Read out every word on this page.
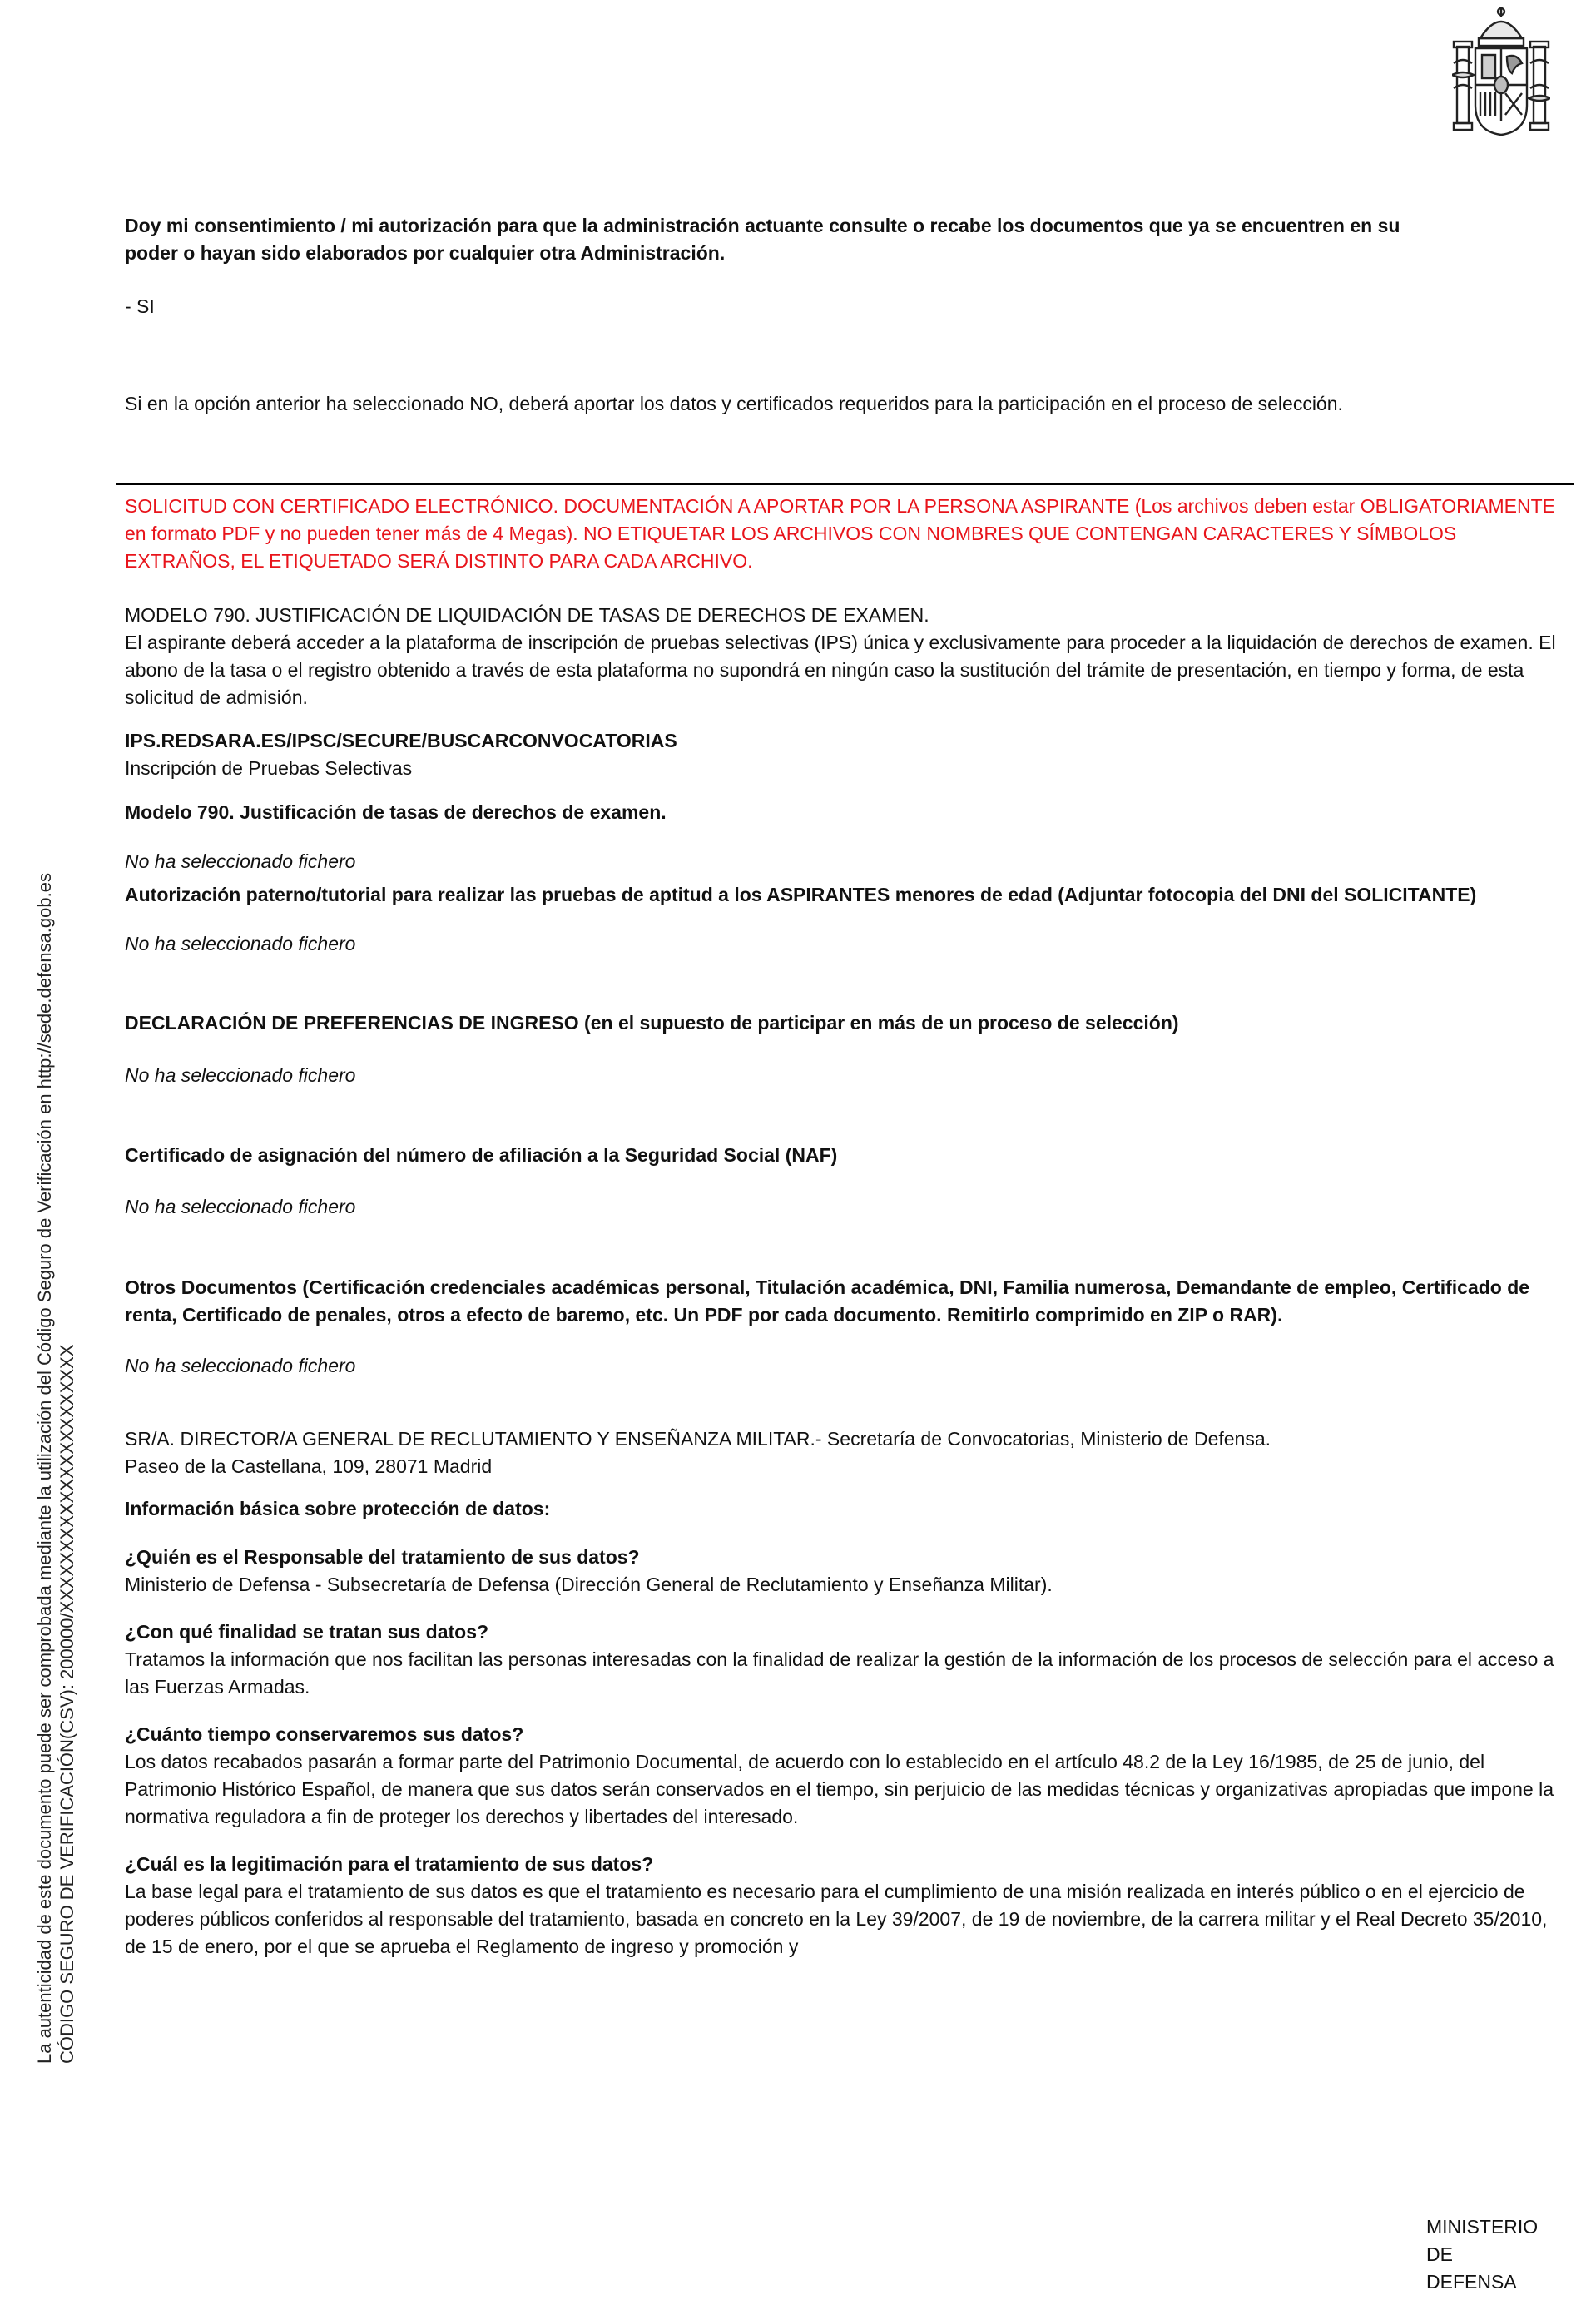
La autenticidad de este documento puede ser comprobada mediante la utilización del Código Seguro de Verificación en http://sede.defensa.gob.es CÓDIGO SEGURO DE VERIFICACIÓN(CSV): 200000/XXXXXXXXXXXXXXXXXXXXXX

Doy mi consentimiento / mi autorización para que la administración actuante consulte o recabe los documentos que ya se encuentren en su poder o hayan sido elaborados por cualquier otra Administración.

- SI

Si en la opción anterior ha seleccionado NO, deberá aportar los datos y certificados requeridos para la participación en el proceso de selección.

SOLICITUD CON CERTIFICADO ELECTRÓNICO. DOCUMENTACIÓN A APORTAR POR LA PERSONA ASPIRANTE (Los archivos deben estar OBLIGATORIAMENTE en formato PDF y no pueden tener más de 4 Megas). NO ETIQUETAR LOS ARCHIVOS CON NOMBRES QUE CONTENGAN CARACTERES Y SÍMBOLOS EXTRAÑOS, EL ETIQUETADO SERÁ DISTINTO PARA CADA ARCHIVO.

MODELO 790. JUSTIFICACIÓN DE LIQUIDACIÓN DE TASAS DE DERECHOS DE EXAMEN.

El aspirante deberá acceder a la plataforma de inscripción de pruebas selectivas (IPS) única y exclusivamente para proceder a la liquidación de derechos de examen. El abono de la tasa o el registro obtenido a través de esta plataforma no supondrá en ningún caso la sustitución del trámite de presentación, en tiempo y forma, de esta solicitud de admisión.

IPS.REDSARA.ES/IPSC/SECURE/BUSCARCONVOCATORIAS

Inscripción de Pruebas Selectivas

Modelo 790. Justificación de tasas de derechos de examen.

No ha seleccionado fichero

Autorización paterno/tutorial para realizar las pruebas de aptitud a los ASPIRANTES menores de edad (Adjuntar fotocopia del DNI del SOLICITANTE)

No ha seleccionado fichero

DECLARACIÓN DE PREFERENCIAS DE INGRESO (en el supuesto de participar en más de un proceso de selección)

No ha seleccionado fichero

Certificado de asignación del número de afiliación a la Seguridad Social (NAF)

No ha seleccionado fichero

Otros Documentos (Certificación credenciales académicas personal, Titulación académica, DNI, Familia numerosa, Demandante de empleo, Certificado de renta, Certificado de penales, otros a efecto de baremo, etc. Un PDF por cada documento. Remitirlo comprimido en ZIP o RAR).

No ha seleccionado fichero

SR/A. DIRECTOR/A GENERAL DE RECLUTAMIENTO Y ENSEÑANZA MILITAR.- Secretaría de Convocatorias, Ministerio de Defensa.

Paseo de la Castellana, 109, 28071 Madrid

Información básica sobre protección de datos:

¿Quién es el Responsable del tratamiento de sus datos?

Ministerio de Defensa - Subsecretaría de Defensa (Dirección General de Reclutamiento y Enseñanza Militar).

¿Con qué finalidad se tratan sus datos?

Tratamos la información que nos facilitan las personas interesadas con la finalidad de realizar la gestión de la información de los procesos de selección para el acceso a las Fuerzas Armadas.

¿Cuánto tiempo conservaremos sus datos?

Los datos recabados pasarán a formar parte del Patrimonio Documental, de acuerdo con lo establecido en el artículo 48.2 de la Ley 16/1985, de 25 de junio, del Patrimonio Histórico Español, de manera que sus datos serán conservados en el tiempo, sin perjuicio de las medidas técnicas y organizativas apropiadas que impone la normativa reguladora a fin de proteger los derechos y libertades del interesado.

¿Cuál es la legitimación para el tratamiento de sus datos?

La base legal para el tratamiento de sus datos es que el tratamiento es necesario para el cumplimiento de una misión realizada en interés público o en el ejercicio de poderes públicos conferidos al responsable del tratamiento, basada en concreto en la Ley 39/2007, de 19 de noviembre, de la carrera militar y el Real Decreto 35/2010, de 15 de enero, por el que se aprueba el Reglamento de ingreso y promoción y

MINISTERIO
DE
DEFENSA
